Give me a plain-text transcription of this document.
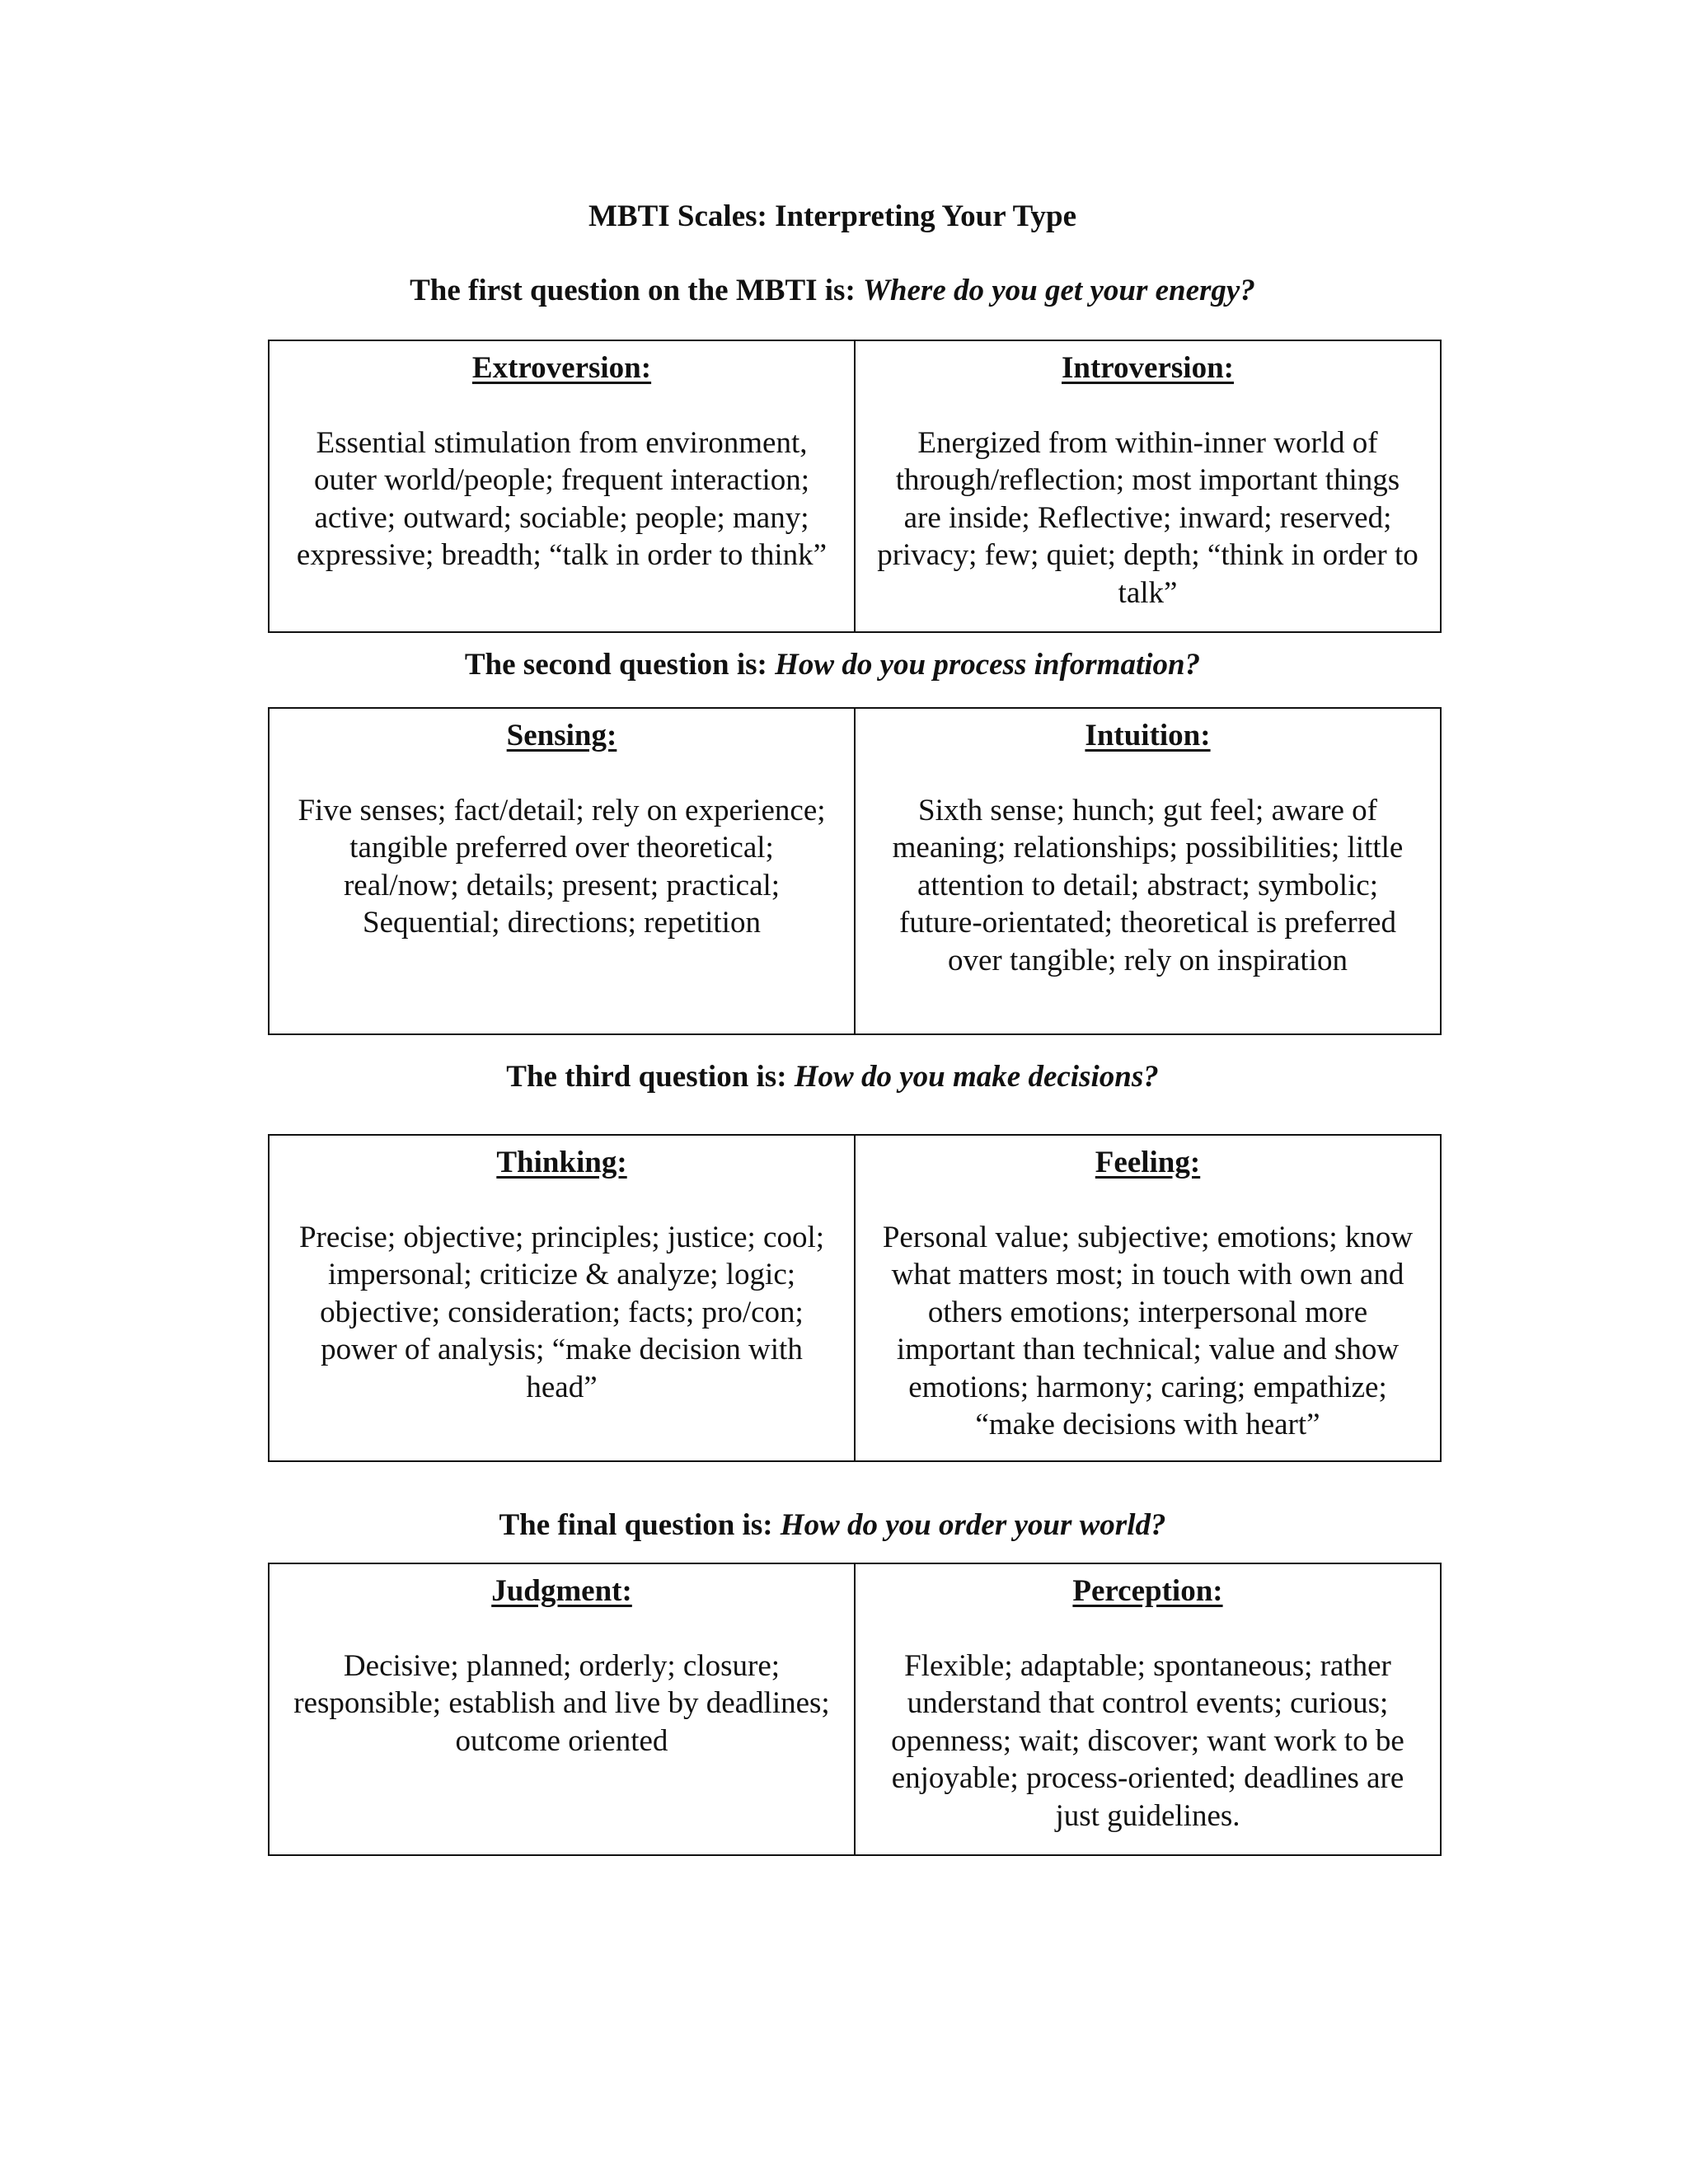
MBTI Scales: Interpreting Your Type

The first question on the MBTI is: Where do you get your energy?

Extroversion:
Essential stimulation from environment, outer world/people; frequent interaction; active; outward; sociable; people; many; expressive; breadth; “talk in order to think”
	Introversion:
Energized from within-inner world of through/reflection; most important things are inside; Reflective; inward; reserved; privacy; few; quiet; depth; “think in order to talk”

The second question is: How do you process information?

Sensing:
Five senses; fact/detail; rely on experience; tangible preferred over theoretical; real/now; details; present; practical; Sequential; directions; repetition
	Intuition:
Sixth sense; hunch; gut feel; aware of meaning; relationships; possibilities; little attention to detail; abstract; symbolic; future-orientated; theoretical is preferred over tangible; rely on inspiration

The third question is: How do you make decisions?

Thinking:
Precise; objective; principles; justice; cool; impersonal; criticize & analyze; logic; objective; consideration; facts; pro/con; power of analysis; “make decision with head”
	Feeling:
Personal value; subjective; emotions; know what matters most; in touch with own and others emotions; interpersonal more important than technical; value and show emotions; harmony; caring; empathize; “make decisions with heart”

The final question is: How do you order your world?

Judgment:
Decisive; planned; orderly; closure; responsible; establish and live by deadlines; outcome oriented
	Perception:
Flexible; adaptable; spontaneous; rather understand that control events; curious; openness; wait; discover; want work to be enjoyable; process-oriented; deadlines are just guidelines.
